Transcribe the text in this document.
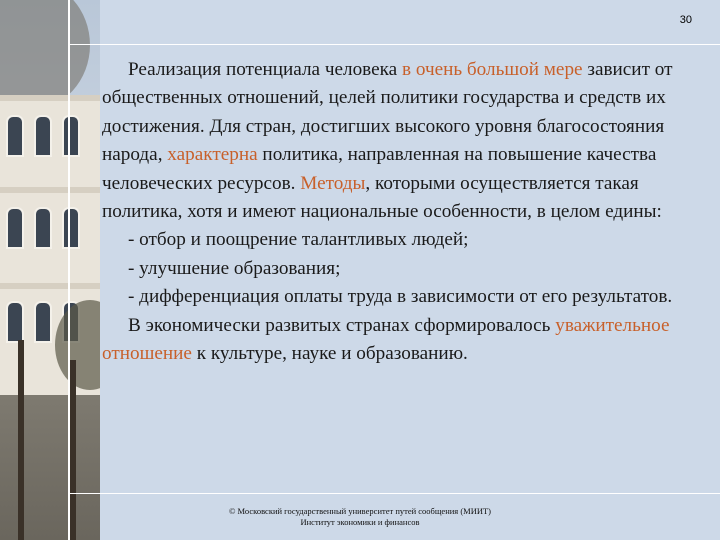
30

Реализация потенциала человека в очень большой мере зависит от общественных отношений, целей политики государства и средств их достижения. Для стран, достигших высокого уровня благосостояния народа, характерна политика, направленная на повышение качества человеческих ресурсов. Методы, которыми осуществляется такая политика, хотя и имеют национальные особенности, в целом едины:

- отбор и поощрение талантливых людей;

- улучшение образования;

- дифференциация оплаты труда в зависимости от его результатов.

В экономически развитых странах сформировалось уважительное отношение к культуре, науке и образованию.

© Московский государственный университет путей сообщения (МИИТ)
Институт экономики и финансов
